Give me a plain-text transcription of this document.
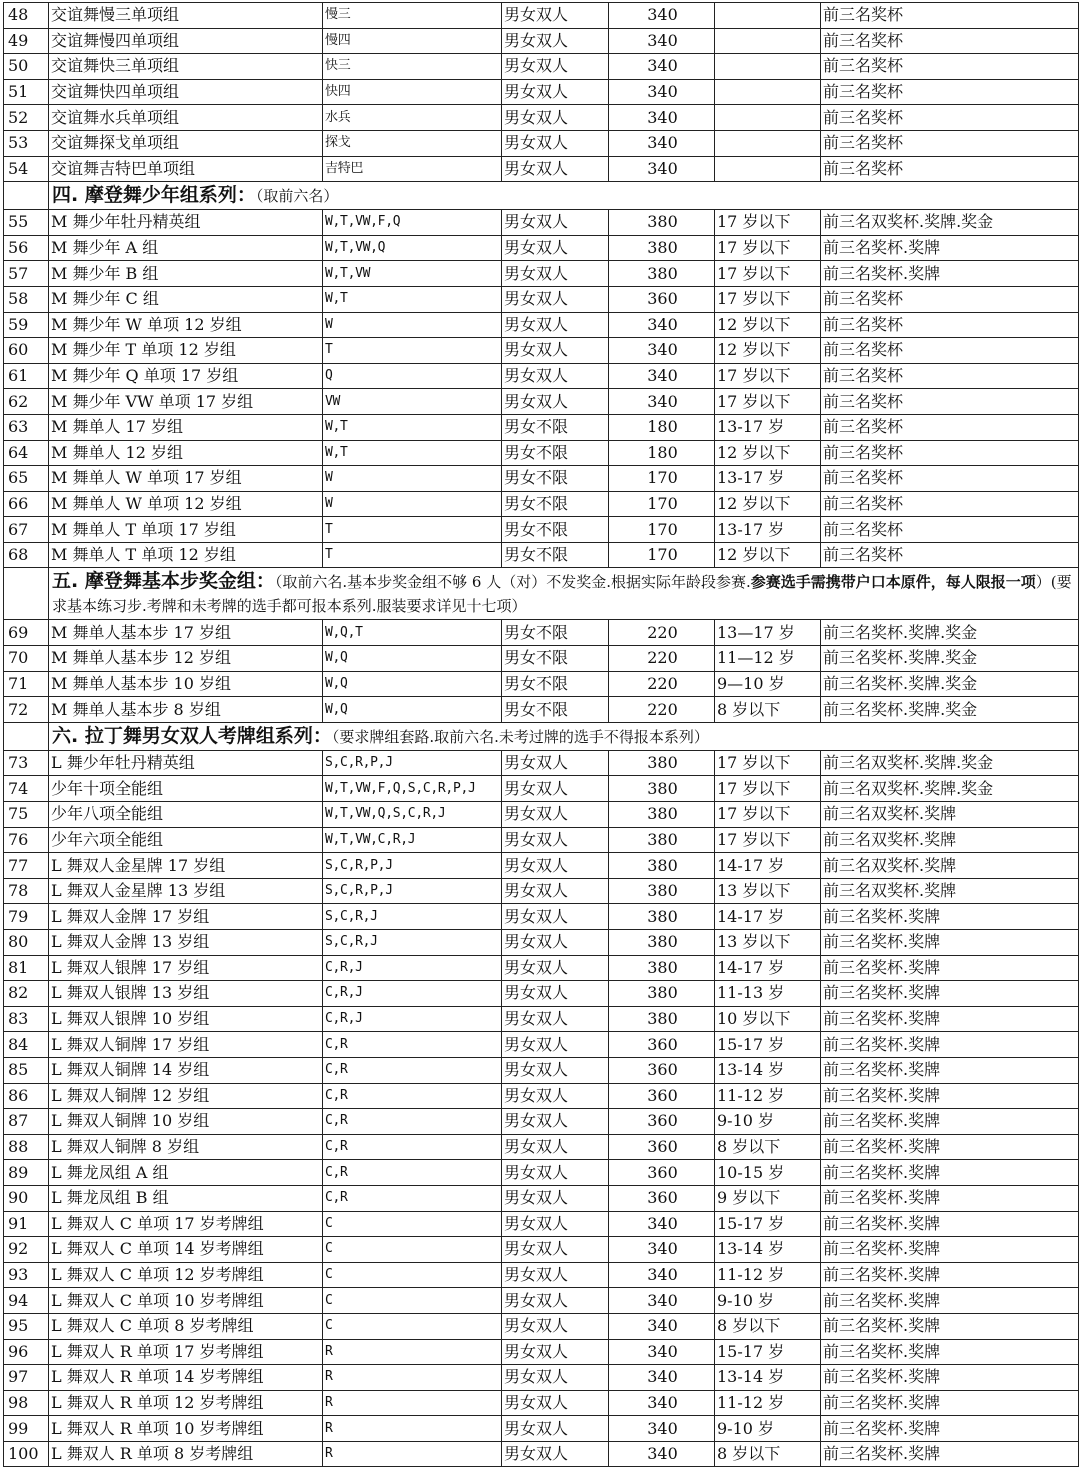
48	交谊舞慢三单项组	慢三	男女双人	340		前三名奖杯
49	交谊舞慢四单项组	慢四	男女双人	340		前三名奖杯
50	交谊舞快三单项组	快三	男女双人	340		前三名奖杯
51	交谊舞快四单项组	快四	男女双人	340		前三名奖杯
52	交谊舞水兵单项组	水兵	男女双人	340		前三名奖杯
53	交谊舞探戈单项组	探戈	男女双人	340		前三名奖杯
54	交谊舞吉特巴单项组	吉特巴	男女双人	340		前三名奖杯
	四. 摩登舞少年组系列：（取前六名）					
55	M 舞少年牡丹精英组	W,T,VW,F,Q	男女双人	380	17 岁以下	前三名双奖杯.奖牌.奖金
56	M 舞少年 A 组	W,T,VW,Q	男女双人	380	17 岁以下	前三名奖杯.奖牌
57	M 舞少年 B 组	W,T,VW	男女双人	380	17 岁以下	前三名奖杯.奖牌
58	M 舞少年 C 组	W,T	男女双人	360	17 岁以下	前三名奖杯
59	M 舞少年 W 单项 12 岁组	W	男女双人	340	12 岁以下	前三名奖杯
60	M 舞少年 T 单项 12 岁组	T	男女双人	340	12 岁以下	前三名奖杯
61	M 舞少年 Q 单项 17 岁组	Q	男女双人	340	17 岁以下	前三名奖杯
62	M 舞少年 VW 单项 17 岁组	VW	男女双人	340	17 岁以下	前三名奖杯
63	M 舞单人 17 岁组	W,T	男女不限	180	13-17 岁	前三名奖杯
64	M 舞单人 12 岁组	W,T	男女不限	180	12 岁以下	前三名奖杯
65	M 舞单人 W 单项 17 岁组	W	男女不限	170	13-17 岁	前三名奖杯
66	M 舞单人 W 单项 12 岁组	W	男女不限	170	12 岁以下	前三名奖杯
67	M 舞单人 T 单项 17 岁组	T	男女不限	170	13-17 岁	前三名奖杯
68	M 舞单人 T 单项 12 岁组	T	男女不限	170	12 岁以下	前三名奖杯
	五. 摩登舞基本步奖金组：（取前六名.基本步奖金组不够 6 人（对）不发奖金.根据实际年龄段参赛.参赛选手需携带户口本原件，每人限报一项）(要求基本练习步.考牌和未考牌的选手都可报本系列.服装要求详见十七项）					
69	M 舞单人基本步 17 岁组	W,Q,T	男女不限	220	13—17 岁	前三名奖杯.奖牌.奖金
70	M 舞单人基本步 12 岁组	W,Q	男女不限	220	11—12 岁	前三名奖杯.奖牌.奖金
71	M 舞单人基本步 10 岁组	W,Q	男女不限	220	9—10 岁	前三名奖杯.奖牌.奖金
72	M 舞单人基本步 8 岁组	W,Q	男女不限	220	8 岁以下	前三名奖杯.奖牌.奖金
	六. 拉丁舞男女双人考牌组系列：（要求牌组套路.取前六名.未考过牌的选手不得报本系列）					
73	L 舞少年牡丹精英组	S,C,R,P,J	男女双人	380	17 岁以下	前三名双奖杯.奖牌.奖金
74	少年十项全能组	W,T,VW,F,Q,S,C,R,P,J	男女双人	380	17 岁以下	前三名双奖杯.奖牌.奖金
75	少年八项全能组	W,T,VW,Q,S,C,R,J	男女双人	380	17 岁以下	前三名双奖杯.奖牌
76	少年六项全能组	W,T,VW,C,R,J	男女双人	380	17 岁以下	前三名双奖杯.奖牌
77	L 舞双人金星牌 17 岁组	S,C,R,P,J	男女双人	380	14-17 岁	前三名双奖杯.奖牌
78	L 舞双人金星牌 13 岁组	S,C,R,P,J	男女双人	380	13 岁以下	前三名双奖杯.奖牌
79	L 舞双人金牌 17 岁组	S,C,R,J	男女双人	380	14-17 岁	前三名奖杯.奖牌
80	L 舞双人金牌 13 岁组	S,C,R,J	男女双人	380	13 岁以下	前三名奖杯.奖牌
81	L 舞双人银牌 17 岁组	C,R,J	男女双人	380	14-17 岁	前三名奖杯.奖牌
82	L 舞双人银牌 13 岁组	C,R,J	男女双人	380	11-13 岁	前三名奖杯.奖牌
83	L 舞双人银牌 10 岁组	C,R,J	男女双人	380	10 岁以下	前三名奖杯.奖牌
84	L 舞双人铜牌 17 岁组	C,R	男女双人	360	15-17 岁	前三名奖杯.奖牌
85	L 舞双人铜牌 14 岁组	C,R	男女双人	360	13-14 岁	前三名奖杯.奖牌
86	L 舞双人铜牌 12 岁组	C,R	男女双人	360	11-12 岁	前三名奖杯.奖牌
87	L 舞双人铜牌 10 岁组	C,R	男女双人	360	9-10 岁	前三名奖杯.奖牌
88	L 舞双人铜牌 8 岁组	C,R	男女双人	360	8 岁以下	前三名奖杯.奖牌
89	L 舞龙凤组 A 组	C,R	男女双人	360	10-15 岁	前三名奖杯.奖牌
90	L 舞龙凤组 B 组	C,R	男女双人	360	9 岁以下	前三名奖杯.奖牌
91	L 舞双人 C 单项 17 岁考牌组	C	男女双人	340	15-17 岁	前三名奖杯.奖牌
92	L 舞双人 C 单项 14 岁考牌组	C	男女双人	340	13-14 岁	前三名奖杯.奖牌
93	L 舞双人 C 单项 12 岁考牌组	C	男女双人	340	11-12 岁	前三名奖杯.奖牌
94	L 舞双人 C 单项 10 岁考牌组	C	男女双人	340	9-10 岁	前三名奖杯.奖牌
95	L 舞双人 C 单项 8 岁考牌组	C	男女双人	340	8 岁以下	前三名奖杯.奖牌
96	L 舞双人 R 单项 17 岁考牌组	R	男女双人	340	15-17 岁	前三名奖杯.奖牌
97	L 舞双人 R 单项 14 岁考牌组	R	男女双人	340	13-14 岁	前三名奖杯.奖牌
98	L 舞双人 R 单项 12 岁考牌组	R	男女双人	340	11-12 岁	前三名奖杯.奖牌
99	L 舞双人 R 单项 10 岁考牌组	R	男女双人	340	9-10 岁	前三名奖杯.奖牌
100	L 舞双人 R 单项 8 岁考牌组	R	男女双人	340	8 岁以下	前三名奖杯.奖牌
